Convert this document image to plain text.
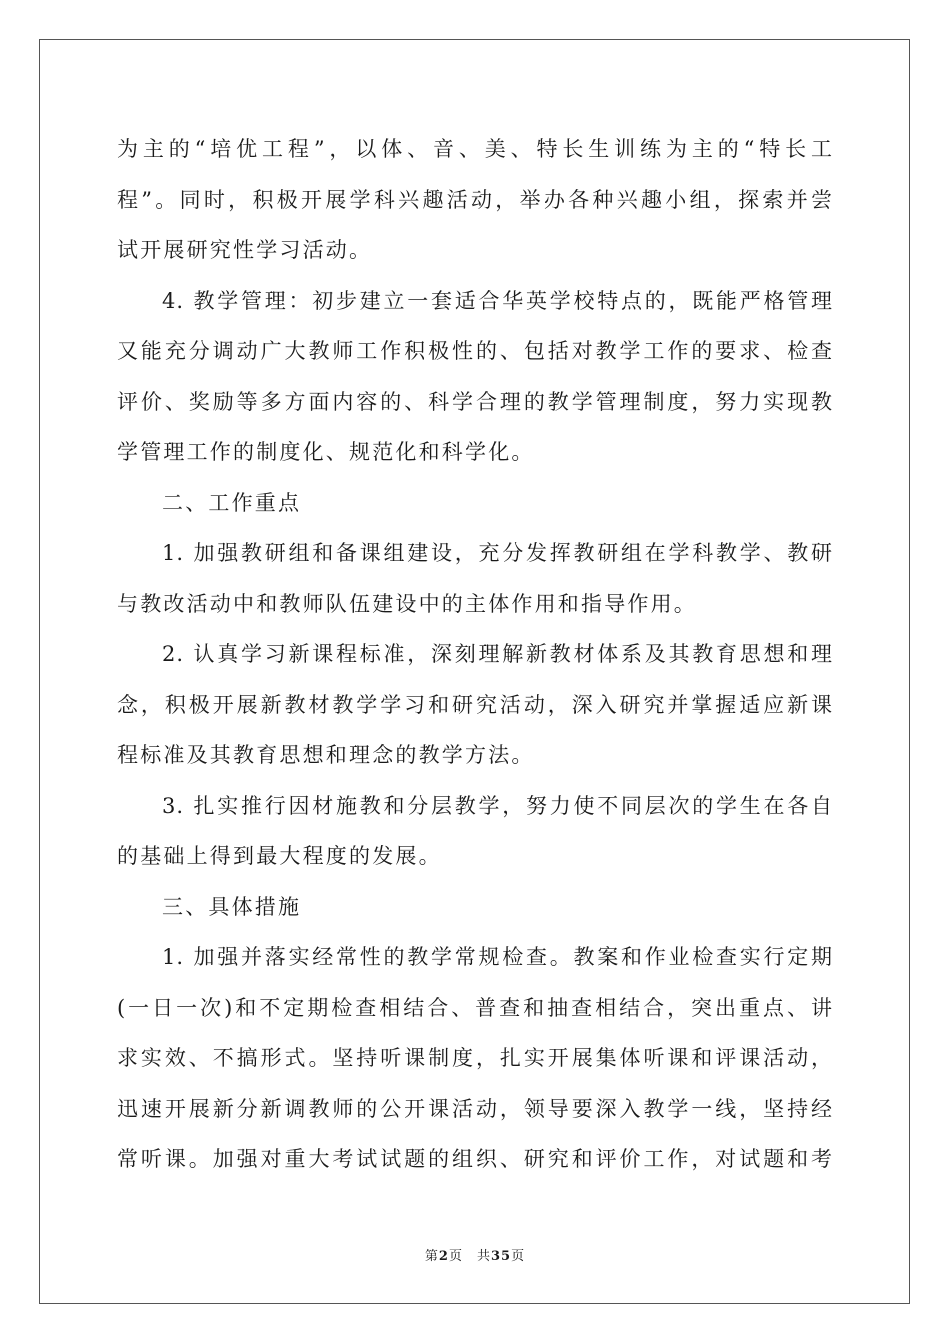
为主的“培优工程”，以体、音、美、特长生训练为主的“特长工
程”。同时，积极开展学科兴趣活动，举办各种兴趣小组，探索并尝
试开展研究性学习活动。
4. 教学管理：初步建立一套适合华英学校特点的，既能严格管理
又能充分调动广大教师工作积极性的、包括对教学工作的要求、检查
评价、奖励等多方面内容的、科学合理的教学管理制度，努力实现教
学管理工作的制度化、规范化和科学化。
二、工作重点
1. 加强教研组和备课组建设，充分发挥教研组在学科教学、教研
与教改活动中和教师队伍建设中的主体作用和指导作用。
2. 认真学习新课程标准，深刻理解新教材体系及其教育思想和理
念，积极开展新教材教学学习和研究活动，深入研究并掌握适应新课
程标准及其教育思想和理念的教学方法。
3. 扎实推行因材施教和分层教学，努力使不同层次的学生在各自
的基础上得到最大程度的发展。
三、具体措施
1. 加强并落实经常性的教学常规检查。教案和作业检查实行定期
(一日一次)和不定期检查相结合、普查和抽查相结合，突出重点、讲
求实效、不搞形式。坚持听课制度，扎实开展集体听课和评课活动，
迅速开展新分新调教师的公开课活动，领导要深入教学一线，坚持经
常听课。加强对重大考试试题的组织、研究和评价工作，对试题和考
第2页　共35页
